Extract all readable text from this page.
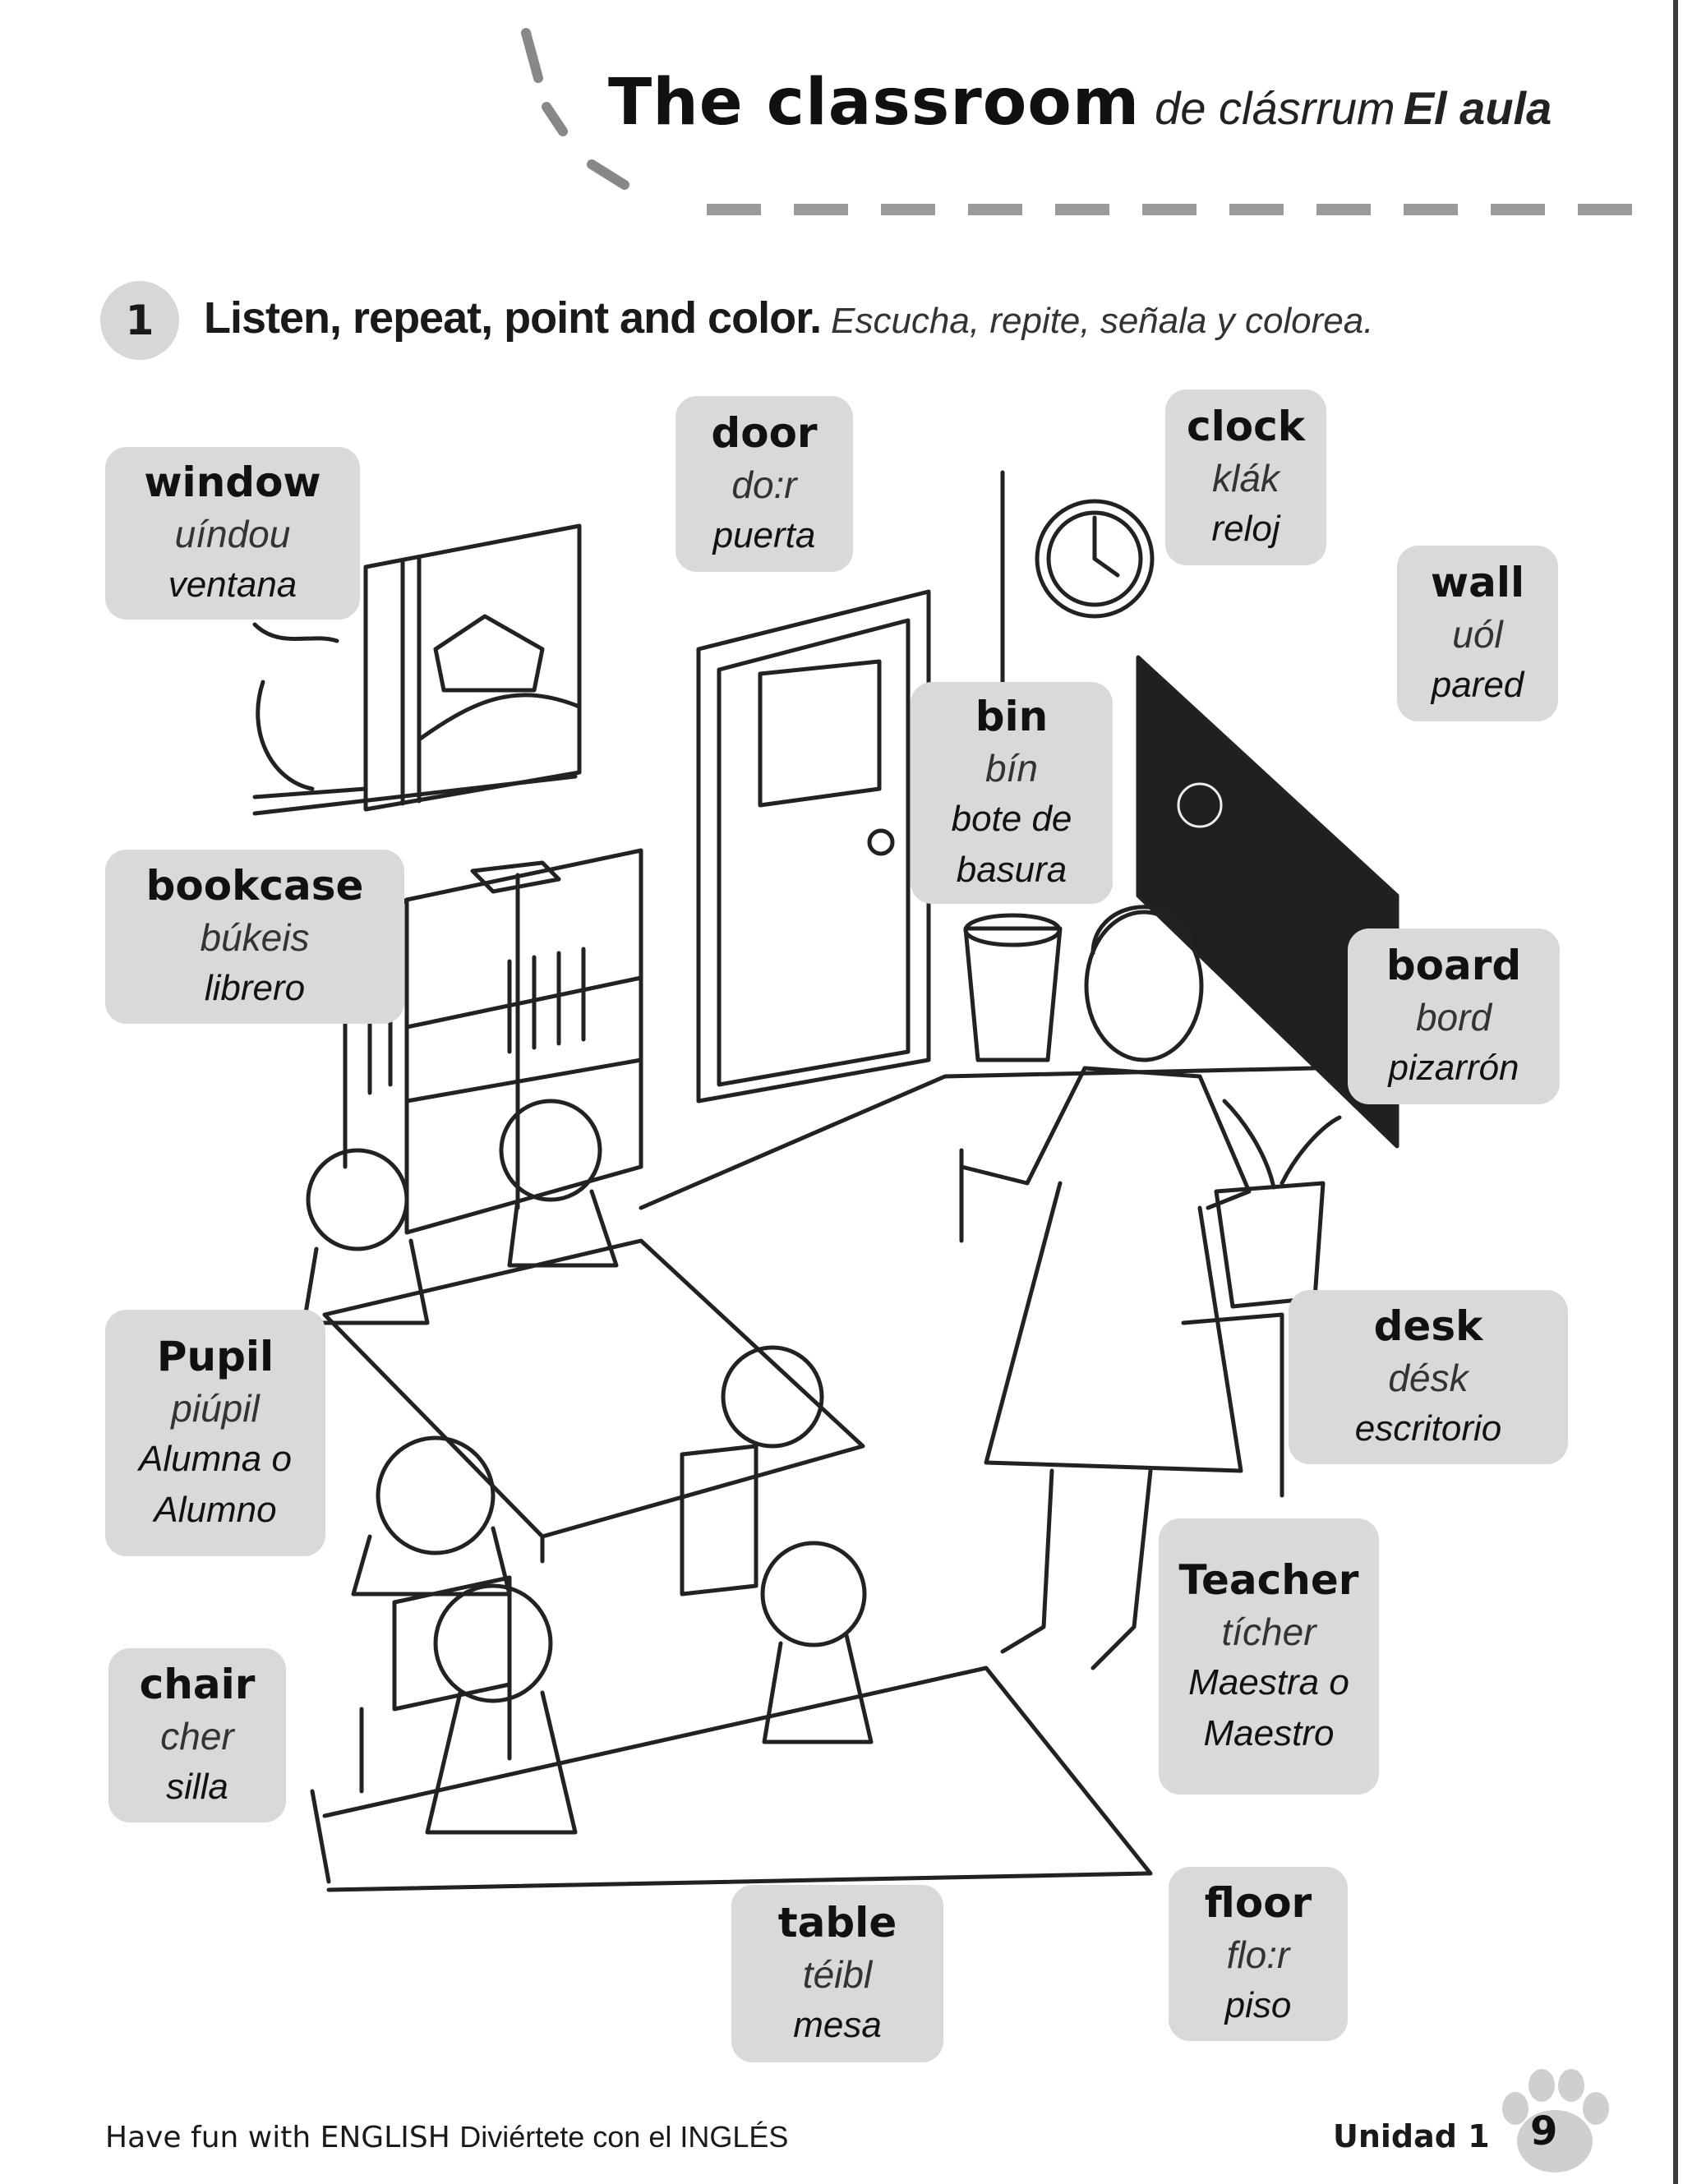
The classroom de clásrrum El aula
1 Listen, repeat, point and color. Escucha, repite, señala y colorea.
window
uíndou
ventana
door
do:r
puerta
clock
klák
reloj
wall
uól
pared
bin
bín
bote de
basura
bookcase
búkeis
librero	board
bord
pizarrón
desk
désk
escritorio
Pupil
piúpil
Alumna o
Alumno
Teacher
tícher
Maestra o
Maestro
chair
cher
silla
table
téibl
mesa
floor
flo:r
piso
Have fun with ENGLISH Diviértete con el INGLÉS	Unidad 1 9
